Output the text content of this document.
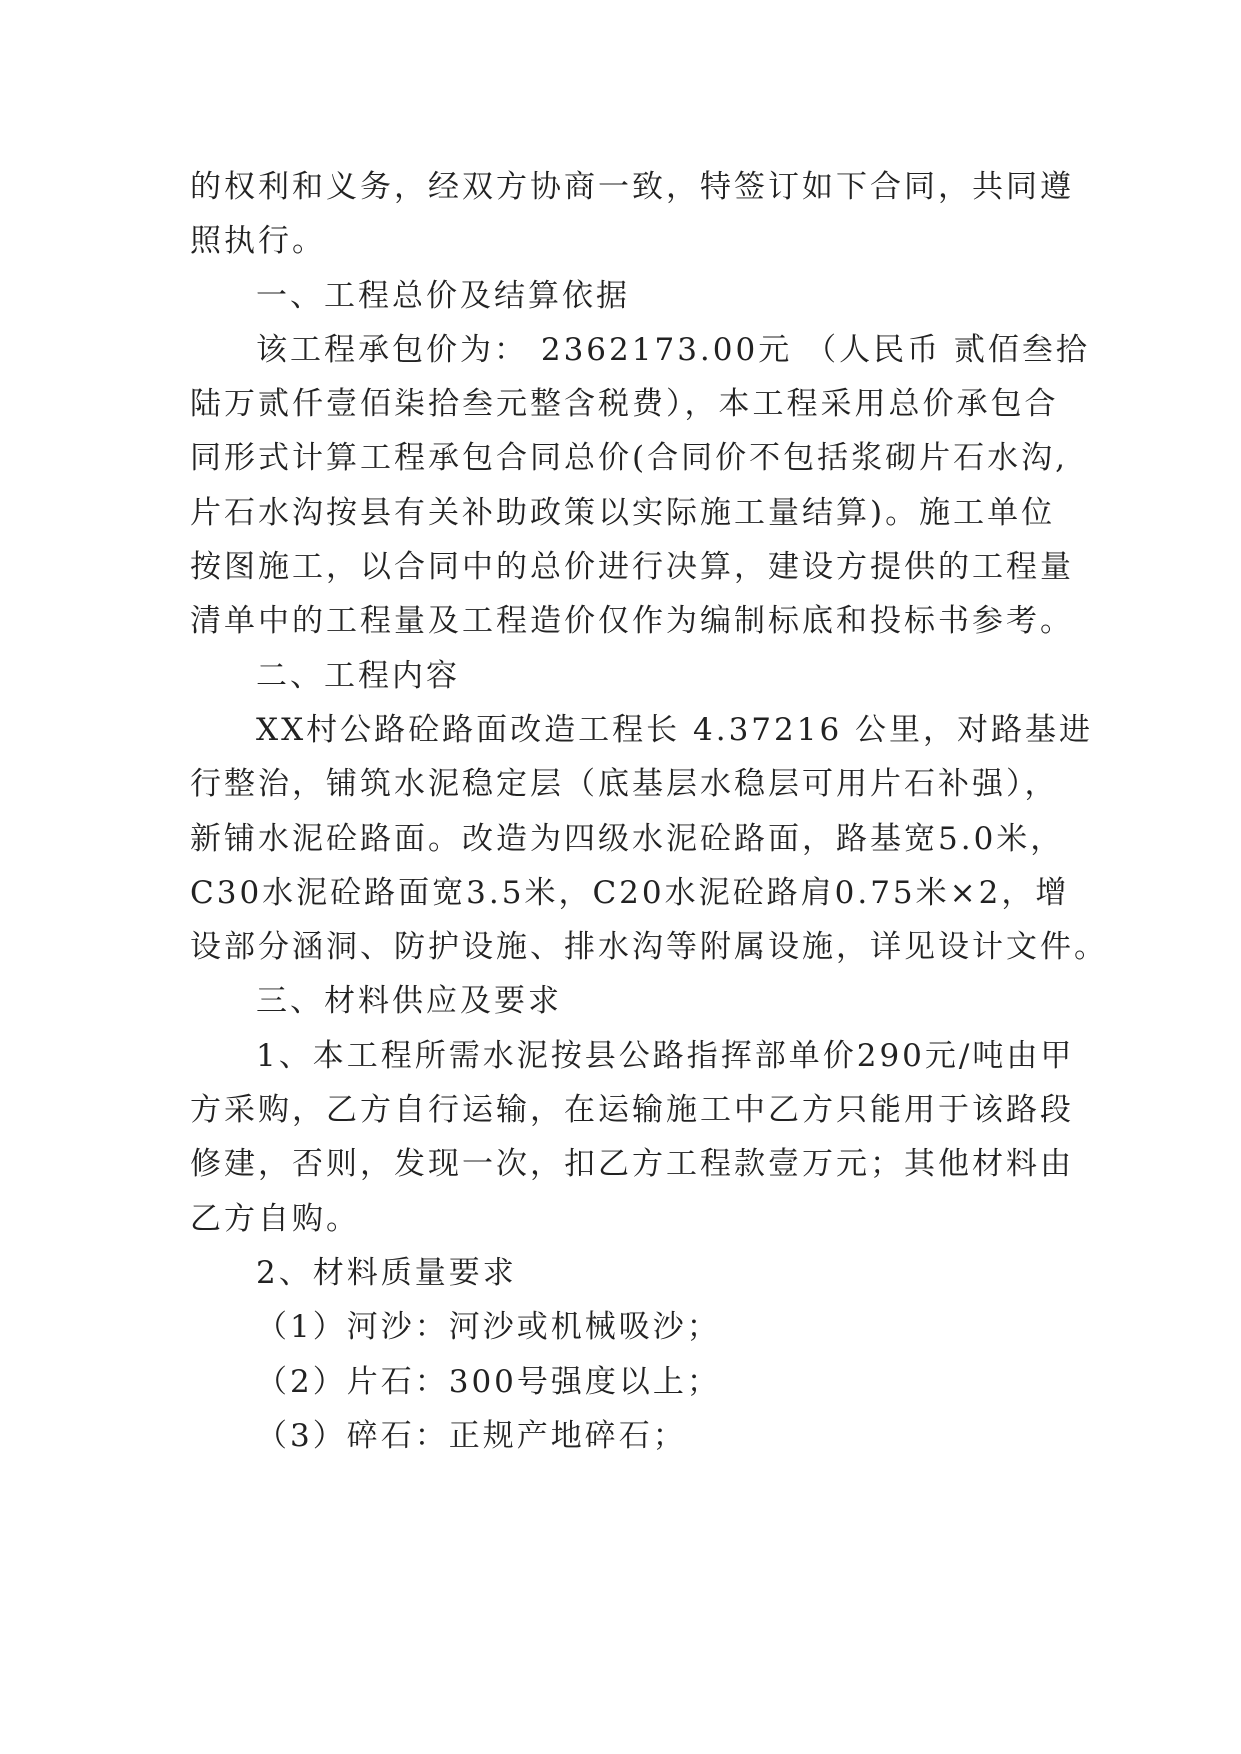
的权利和义务，经双方协商一致，特签订如下合同，共同遵
照执行。
一、工程总价及结算依据
该工程承包价为： 2362173.00元 （人民币 贰佰叁拾
陆万贰仟壹佰柒拾叁元整含税费），本工程采用总价承包合
同形式计算工程承包合同总价(合同价不包括浆砌片石水沟,
片石水沟按县有关补助政策以实际施工量结算)。施工单位
按图施工，以合同中的总价进行决算，建设方提供的工程量
清单中的工程量及工程造价仅作为编制标底和投标书参考。
二、工程内容
XX村公路砼路面改造工程长 4.37216 公里，对路基进
行整治，铺筑水泥稳定层（底基层水稳层可用片石补强），
新铺水泥砼路面。改造为四级水泥砼路面，路基宽5.0米，
C30水泥砼路面宽3.5米，C20水泥砼路肩0.75米×2，增
设部分涵洞、防护设施、排水沟等附属设施，详见设计文件。
三、材料供应及要求
1、本工程所需水泥按县公路指挥部单价290元/吨由甲
方采购，乙方自行运输，在运输施工中乙方只能用于该路段
修建，否则，发现一次，扣乙方工程款壹万元；其他材料由
乙方自购。
2、材料质量要求
（1）河沙：河沙或机械吸沙；
（2）片石：300号强度以上；
（3）碎石：正规产地碎石；
